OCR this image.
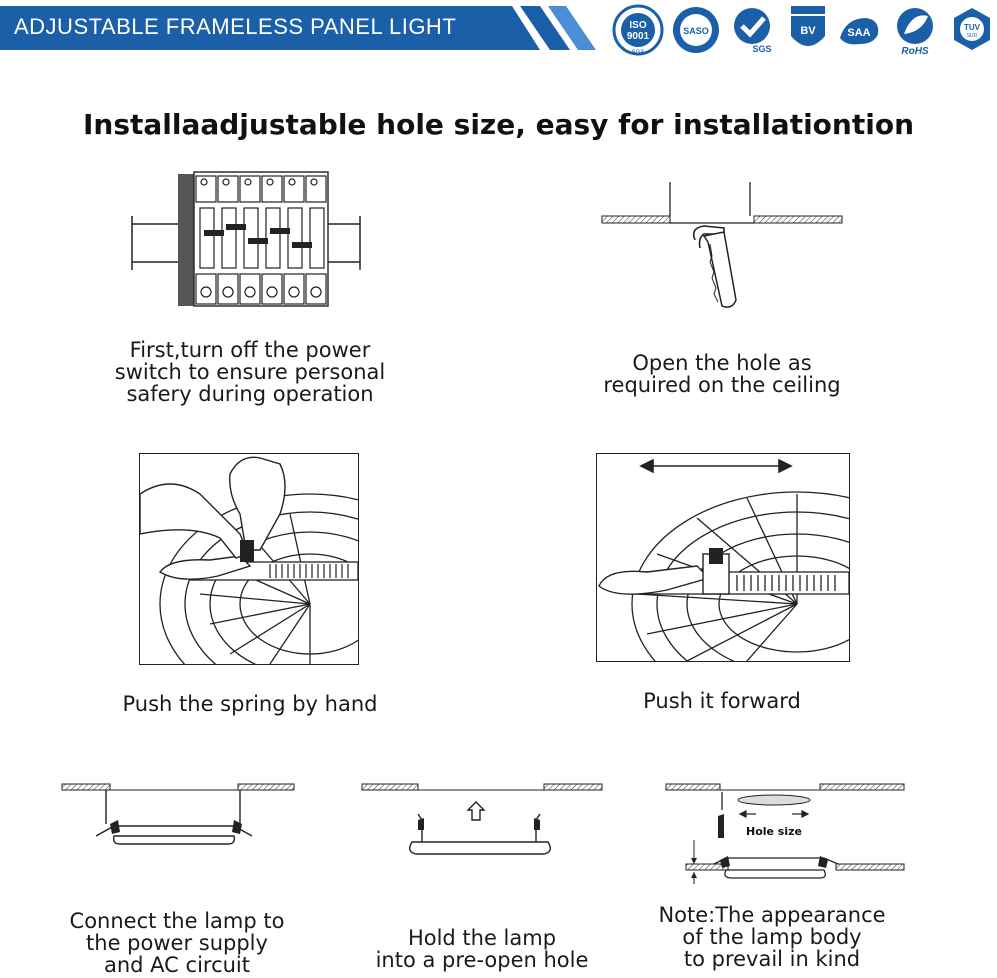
ADJUSTABLE FRAMELESS PANEL LIGHT	ISO
9001
SGS
SASO
SGS
BV	SAA
RoHS
TUV
SUD
Installaadjustable hole size, easy for installationtion
First,turn off the power
switch to ensure personal
safery during operation
Open the hole as
required on the ceiling
Push the spring by hand	Push it forward
Connect the lamp to
the power supply
and AC circuit
Hold the lamp
into a pre-open hole
Hole size
Note:The appearance
of the lamp body
to prevail in kind
